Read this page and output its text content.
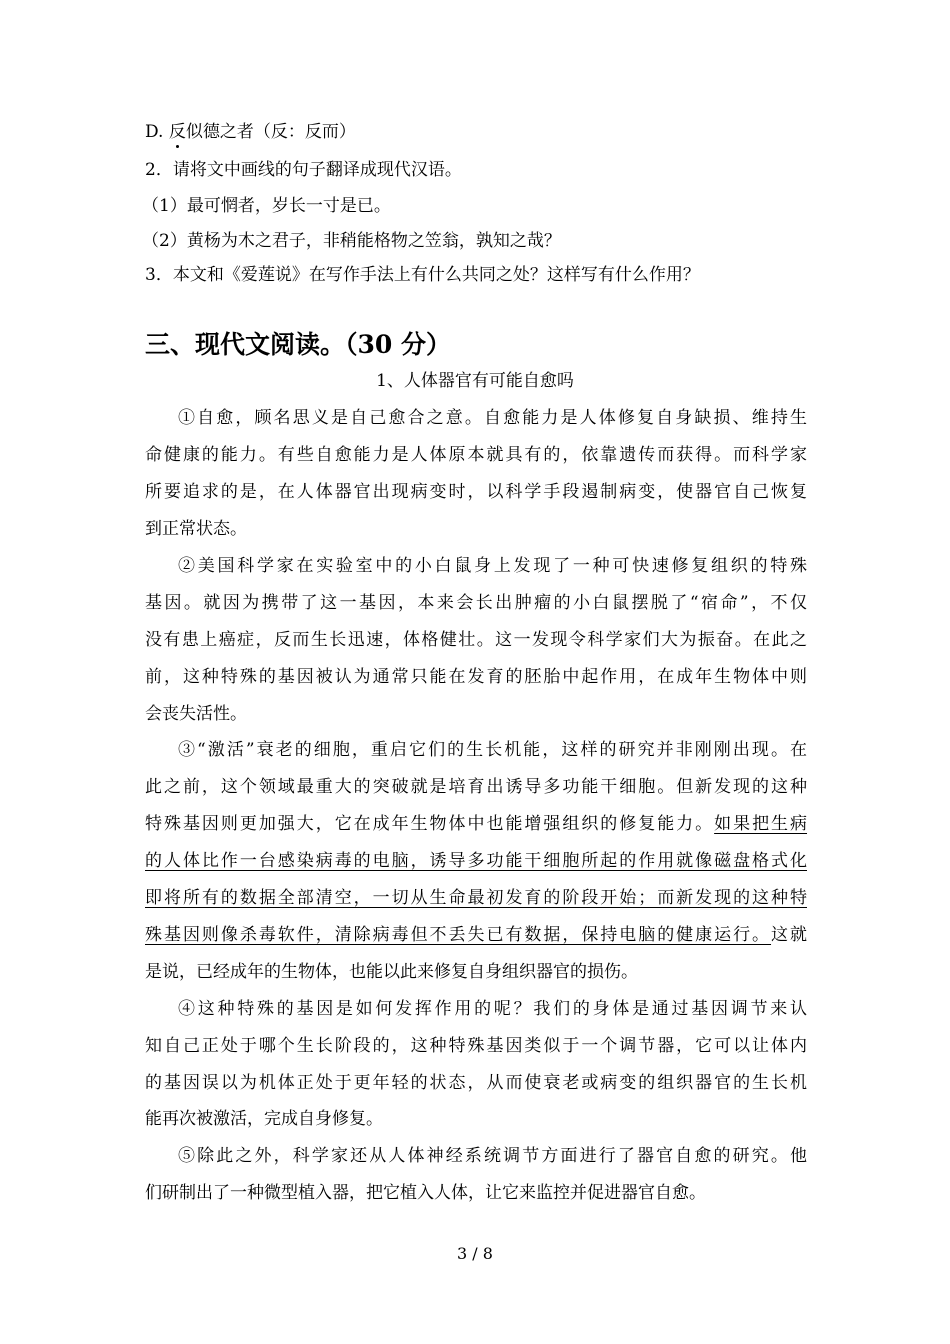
D. 反似德之者（反：反而）
2．请将文中画线的句子翻译成现代汉语。
（1）最可惘者，岁长一寸是已。
（2）黄杨为木之君子，非稍能格物之笠翁，孰知之哉？
3．本文和《爱莲说》在写作手法上有什么共同之处？这样写有什么作用？
三、现代文阅读。（30 分）
1、人体器官有可能自愈吗
①自愈，顾名思义是自己愈合之意。自愈能力是人体修复自身缺损、维持生
命健康的能力。有些自愈能力是人体原本就具有的，依靠遗传而获得。而科学家
所要追求的是，在人体器官出现病变时，以科学手段遏制病变，使器官自己恢复
到正常状态。
②美国科学家在实验室中的小白鼠身上发现了一种可快速修复组织的特殊
基因。就因为携带了这一基因，本来会长出肿瘤的小白鼠摆脱了“宿命”，不仅
没有患上癌症，反而生长迅速，体格健壮。这一发现令科学家们大为振奋。在此之
前，这种特殊的基因被认为通常只能在发育的胚胎中起作用，在成年生物体中则
会丧失活性。
③“激活”衰老的细胞，重启它们的生长机能，这样的研究并非刚刚出现。在
此之前，这个领域最重大的突破就是培育出诱导多功能干细胞。但新发现的这种
特殊基因则更加强大，它在成年生物体中也能增强组织的修复能力。如果把生病
的人体比作一台感染病毒的电脑，诱导多功能干细胞所起的作用就像磁盘格式化
即将所有的数据全部清空，一切从生命最初发育的阶段开始；而新发现的这种特
殊基因则像杀毒软件，清除病毒但不丢失已有数据，保持电脑的健康运行。这就
是说，已经成年的生物体，也能以此来修复自身组织器官的损伤。
④这种特殊的基因是如何发挥作用的呢？我们的身体是通过基因调节来认
知自己正处于哪个生长阶段的，这种特殊基因类似于一个调节器，它可以让体内
的基因误以为机体正处于更年轻的状态，从而使衰老或病变的组织器官的生长机
能再次被激活，完成自身修复。
⑤除此之外，科学家还从人体神经系统调节方面进行了器官自愈的研究。他
们研制出了一种微型植入器，把它植入人体，让它来监控并促进器官自愈。
3 / 8
